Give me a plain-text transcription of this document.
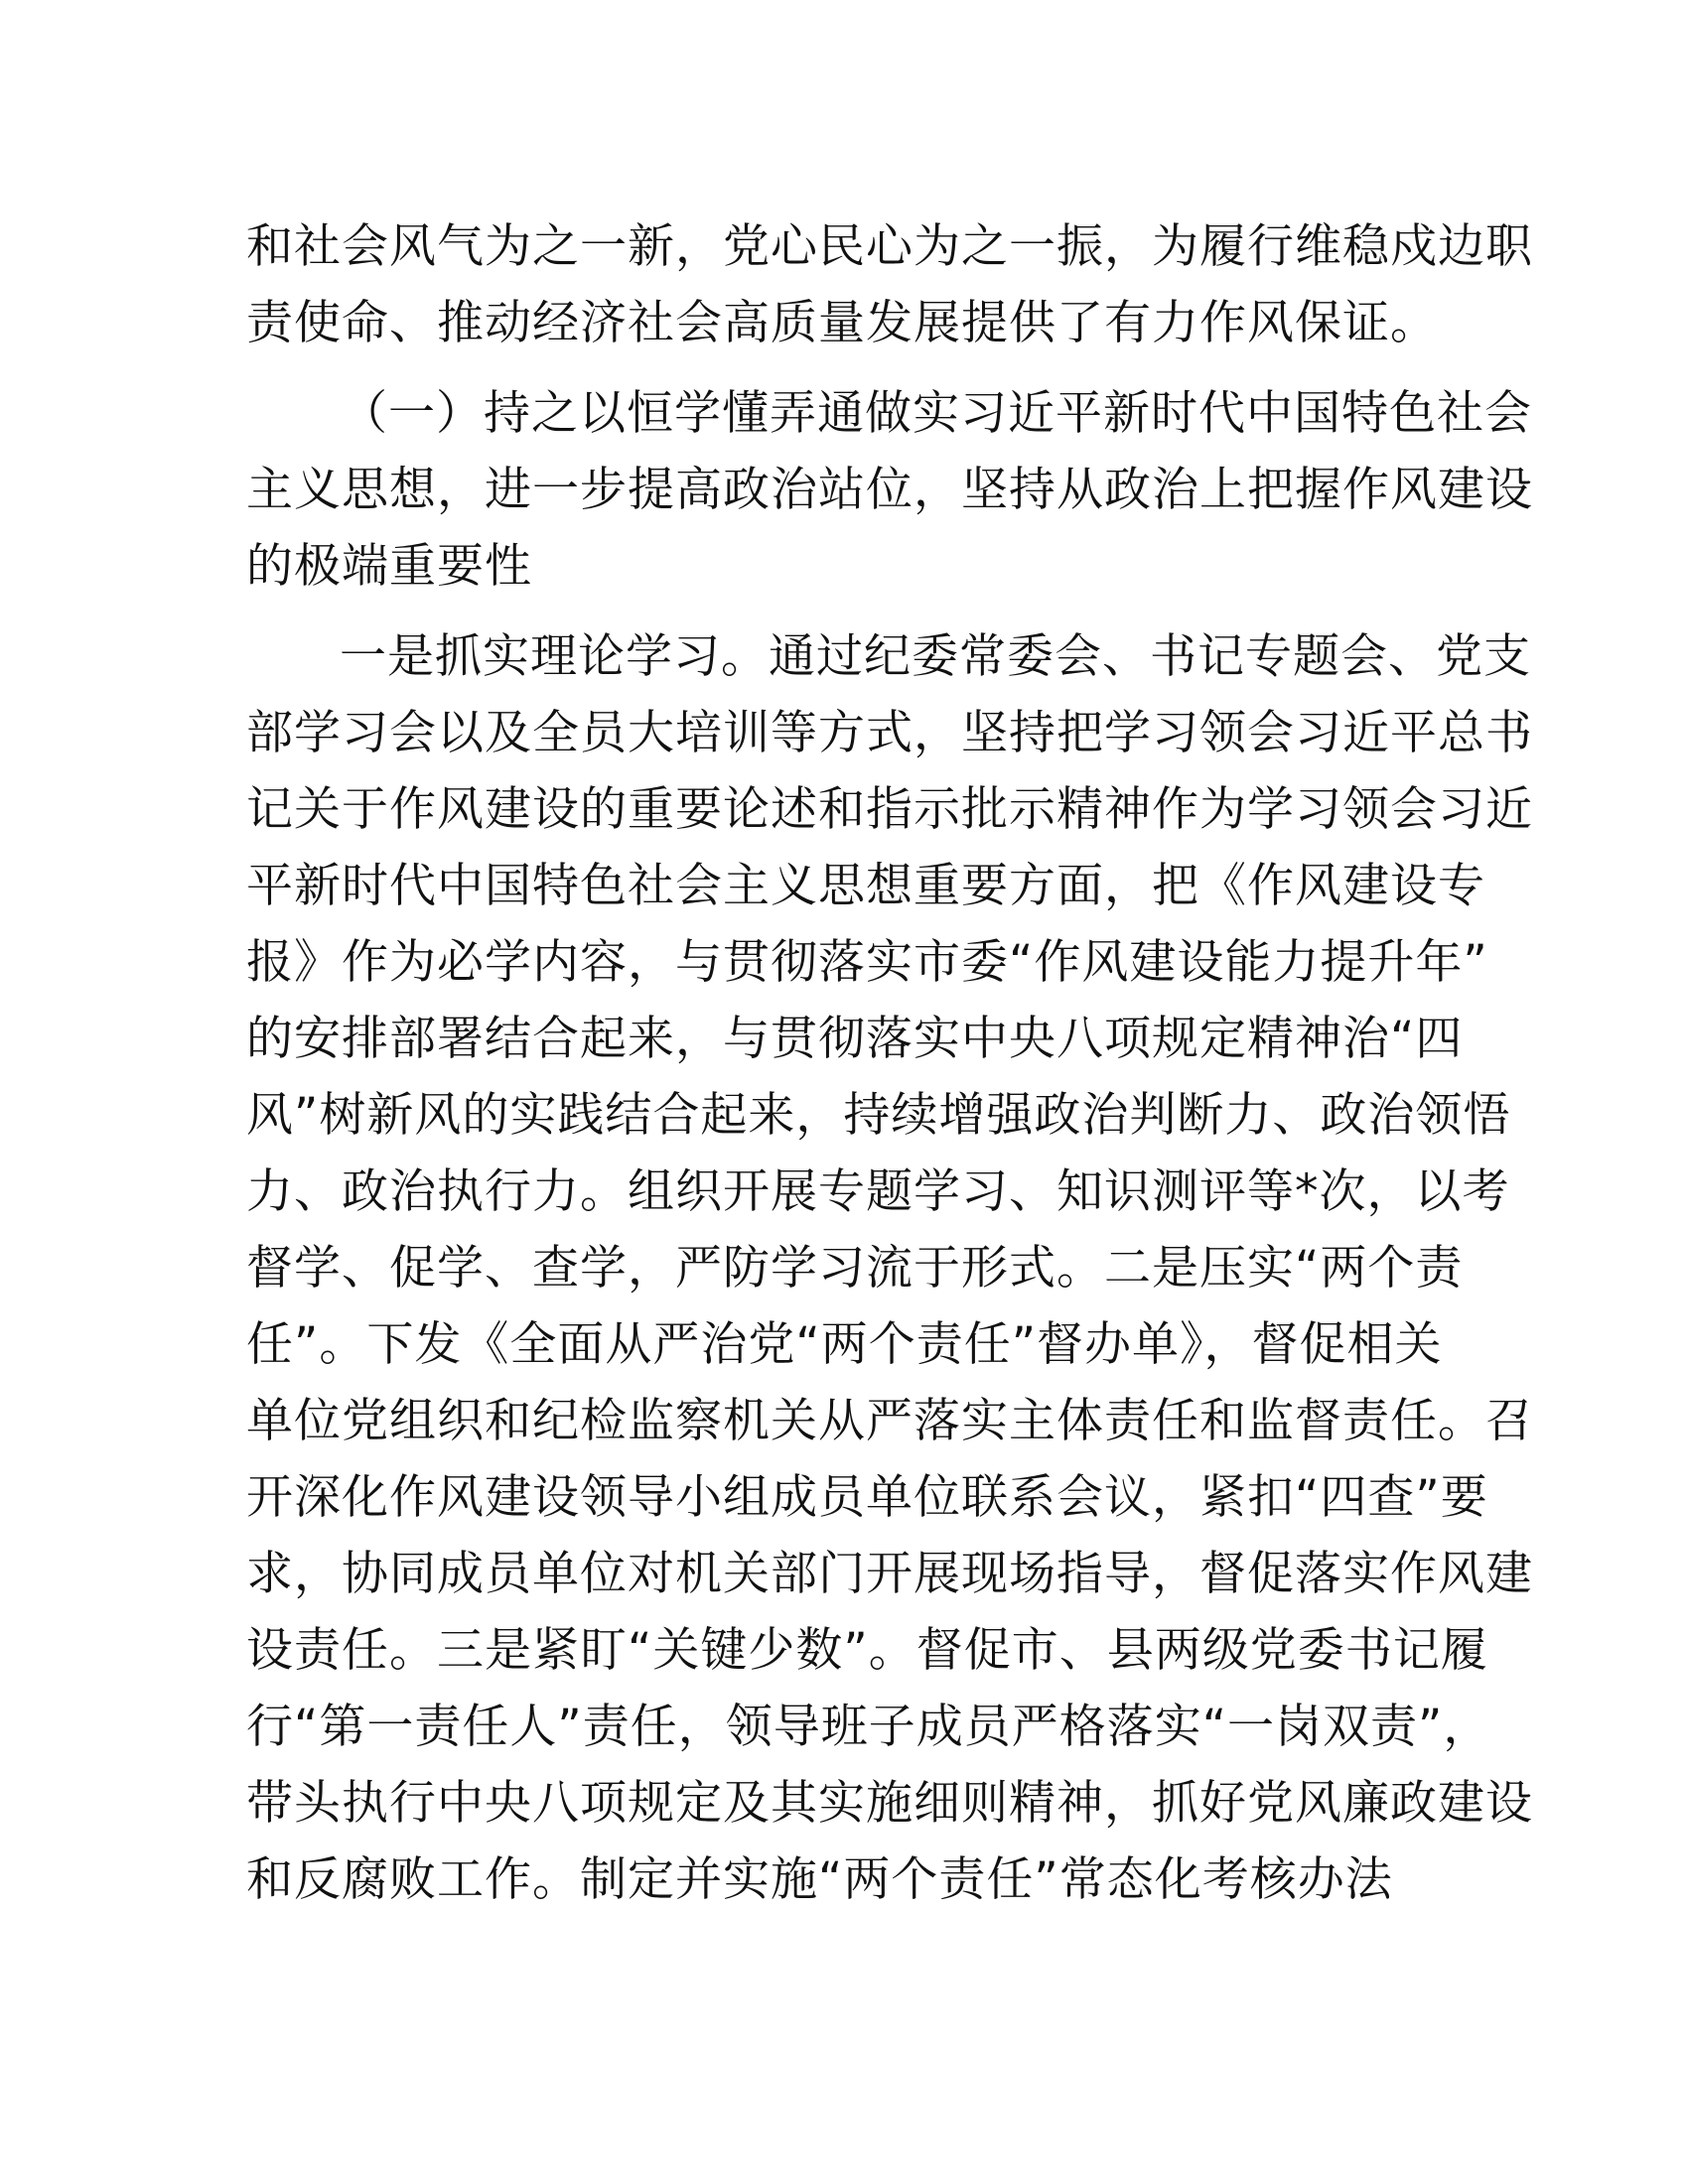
和社会风气为之一新，党心民心为之一振，为履行维稳戍边职
责使命、推动经济社会高质量发展提供了有力作风保证。

（一）持之以恒学懂弄通做实习近平新时代中国特色社会
主义思想，进一步提高政治站位，坚持从政治上把握作风建设
的极端重要性

一是抓实理论学习。通过纪委常委会、书记专题会、党支
部学习会以及全员大培训等方式，坚持把学习领会习近平总书
记关于作风建设的重要论述和指示批示精神作为学习领会习近
平新时代中国特色社会主义思想重要方面，把《作风建设专
报》作为必学内容，与贯彻落实市委“作风建设能力提升年”
的安排部署结合起来，与贯彻落实中央八项规定精神治“四
风”树新风的实践结合起来，持续增强政治判断力、政治领悟
力、政治执行力。组织开展专题学习、知识测评等*次，以考
督学、促学、查学，严防学习流于形式。二是压实“两个责
任”。下发《全面从严治党“两个责任”督办单》，督促相关
单位党组织和纪检监察机关从严落实主体责任和监督责任。召
开深化作风建设领导小组成员单位联系会议，紧扣“四查”要
求，协同成员单位对机关部门开展现场指导，督促落实作风建
设责任。三是紧盯“关键少数”。督促市、县两级党委书记履
行“第一责任人”责任，领导班子成员严格落实“一岗双责”，
带头执行中央八项规定及其实施细则精神，抓好党风廉政建设
和反腐败工作。制定并实施“两个责任”常态化考核办法
